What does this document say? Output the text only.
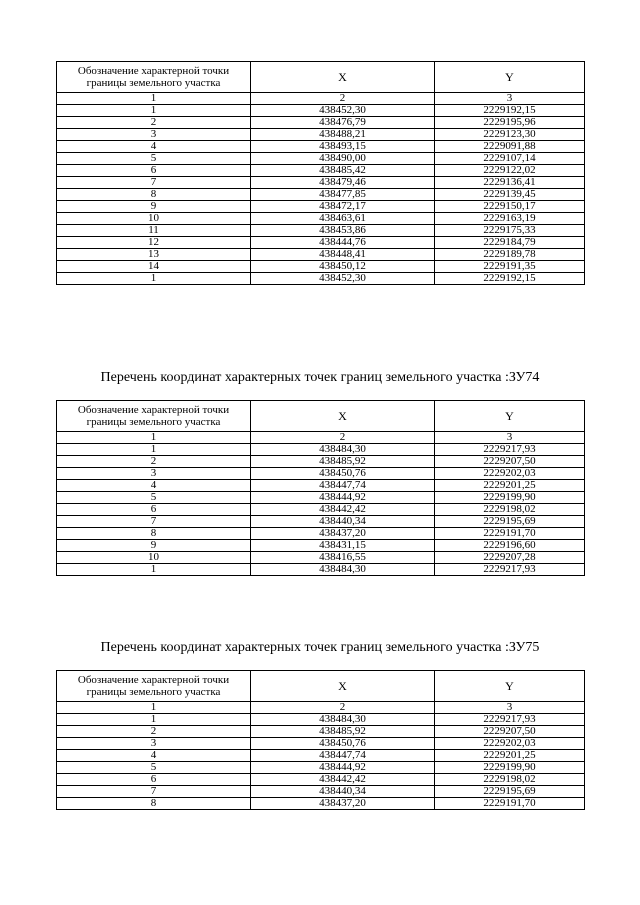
Обозначение характерной точки границы земельного участка	X	Y
1	2	3
1	438452,30	2229192,15
2	438476,79	2229195,96
3	438488,21	2229123,30
4	438493,15	2229091,88
5	438490,00	2229107,14
6	438485,42	2229122,02
7	438479,46	2229136,41
8	438477,85	2229139,45
9	438472,17	2229150,17
10	438463,61	2229163,19
11	438453,86	2229175,33
12	438444,76	2229184,79
13	438448,41	2229189,78
14	438450,12	2229191,35
1	438452,30	2229192,15
Перечень координат характерных точек границ земельного участка :ЗУ74
Обозначение характерной точки границы земельного участка	X	Y
1	2	3
1	438484,30	2229217,93
2	438485,92	2229207,50
3	438450,76	2229202,03
4	438447,74	2229201,25
5	438444,92	2229199,90
6	438442,42	2229198,02
7	438440,34	2229195,69
8	438437,20	2229191,70
9	438431,15	2229196,60
10	438416,55	2229207,28
1	438484,30	2229217,93
Перечень координат характерных точек границ земельного участка :ЗУ75
Обозначение характерной точки границы земельного участка	X	Y
1	2	3
1	438484,30	2229217,93
2	438485,92	2229207,50
3	438450,76	2229202,03
4	438447,74	2229201,25
5	438444,92	2229199,90
6	438442,42	2229198,02
7	438440,34	2229195,69
8	438437,20	2229191,70
